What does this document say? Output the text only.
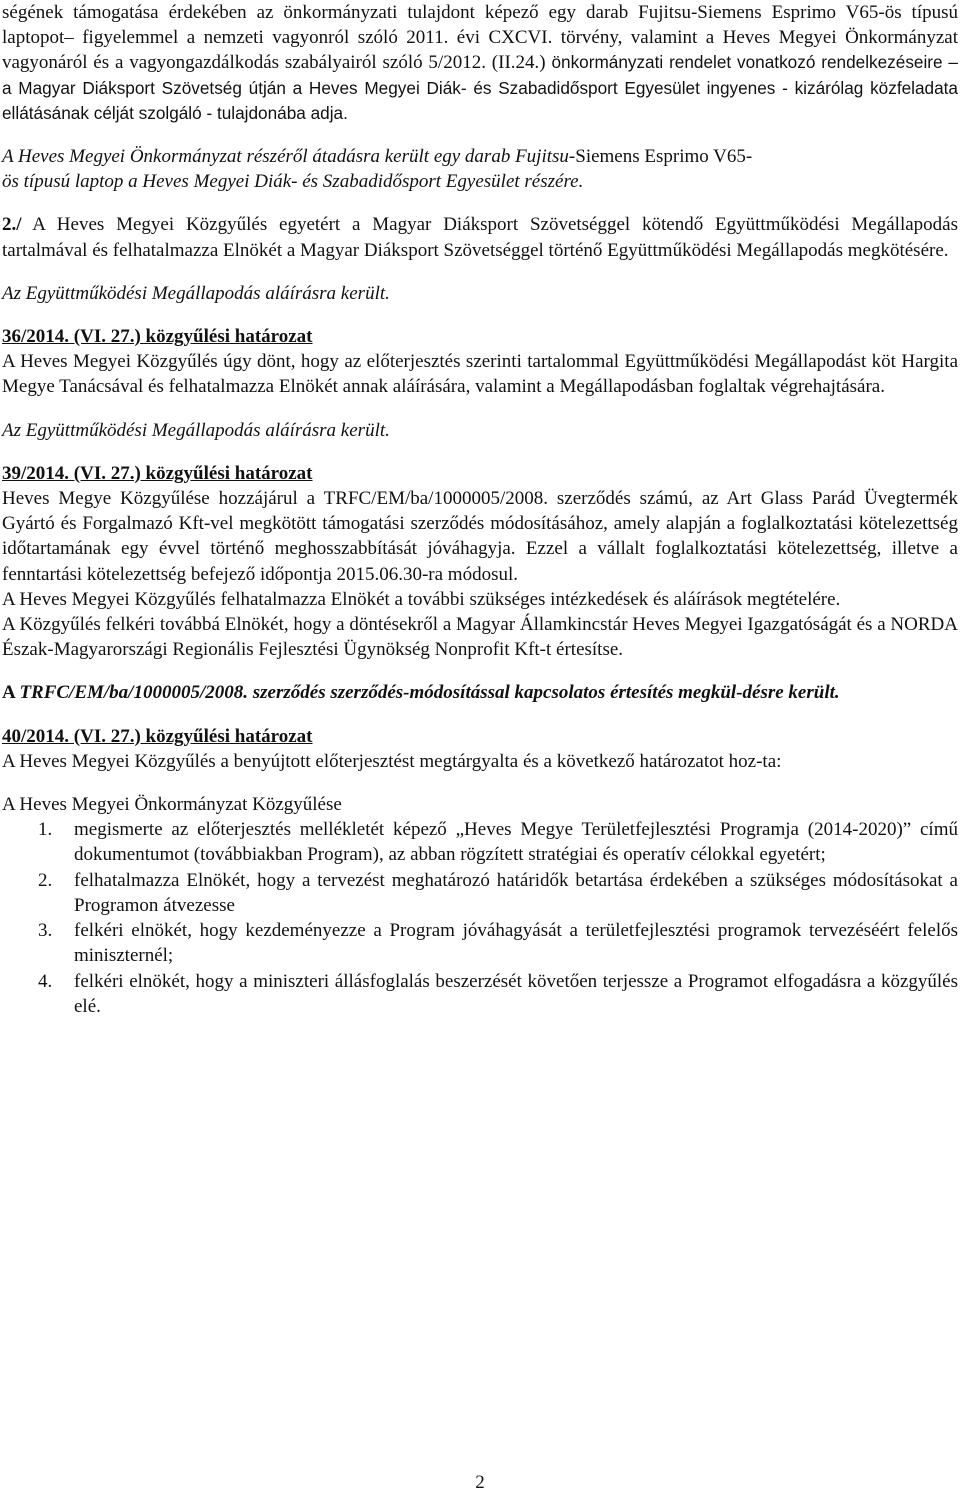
ségének támogatása érdekében az önkormányzati tulajdont képező egy darab Fujitsu-Siemens Esprimo V65-ös típusú laptopot– figyelemmel a nemzeti vagyonról szóló 2011. évi CXCVI. törvény, valamint a Heves Megyei Önkormányzat vagyonáról és a vagyongazdálkodás szabályairól szóló 5/2012. (II.24.) önkormányzati rendelet vonatkozó rendelkezéseire – a Magyar Diáksport Szövetség útján a Heves Megyei Diák- és Szabadidősport Egyesület ingyenes - kizárólag közfeladata ellátásának célját szolgáló - tulajdonába adja.

A Heves Megyei Önkormányzat részéről átadásra került egy darab Fujitsu-Siemens Esprimo V65-
ös típusú laptop a Heves Megyei Diák- és Szabadidősport Egyesület részére.

2./ A Heves Megyei Közgyűlés egyetért a Magyar Diáksport Szövetséggel kötendő Együttműködési Megállapodás tartalmával és felhatalmazza Elnökét a Magyar Diáksport Szövetséggel történő Együttműködési Megállapodás megkötésére.

Az Együttműködési Megállapodás aláírásra került.

36/2014. (VI. 27.) közgyűlési határozat

A Heves Megyei Közgyűlés úgy dönt, hogy az előterjesztés szerinti tartalommal Együttműködési Megállapodást köt Hargita Megye Tanácsával és felhatalmazza Elnökét annak aláírására, valamint a Megállapodásban foglaltak végrehajtására.

Az Együttműködési Megállapodás aláírásra került.

39/2014. (VI. 27.) közgyűlési határozat

Heves Megye Közgyűlése hozzájárul a TRFC/EM/ba/1000005/2008. szerződés számú, az Art Glass Parád Üvegtermék Gyártó és Forgalmazó Kft-vel megkötött támogatási szerződés módosításához, amely alapján a foglalkoztatási kötelezettség időtartamának egy évvel történő meghosszabbítását jóváhagyja. Ezzel a vállalt foglalkoztatási kötelezettség, illetve a fenntartási kötelezettség befejező időpontja 2015.06.30-ra módosul.

A Heves Megyei Közgyűlés felhatalmazza Elnökét a további szükséges intézkedések és aláírások megtételére.

A Közgyűlés felkéri továbbá Elnökét, hogy a döntésekről a Magyar Államkincstár Heves Megyei Igazgatóságát és a NORDA Észak-Magyarországi Regionális Fejlesztési Ügynökség Nonprofit Kft-t értesítse.

A TRFC/EM/ba/1000005/2008. szerződés szerződés-módosítással kapcsolatos értesítés megkül-désre került.

40/2014. (VI. 27.) közgyűlési határozat

A Heves Megyei Közgyűlés a benyújtott előterjesztést megtárgyalta és a következő határozatot hoz-ta:

A Heves Megyei Önkormányzat Közgyűlése

1. megismerte az előterjesztés mellékletét képező „Heves Megye Területfejlesztési Programja (2014-2020)” című dokumentumot (továbbiakban Program), az abban rögzített stratégiai és operatív célokkal egyetért;
2. felhatalmazza Elnökét, hogy a tervezést meghatározó határidők betartása érdekében a szükséges módosításokat a Programon átvezesse
3. felkéri elnökét, hogy kezdeményezze a Program jóváhagyását a területfejlesztési programok tervezéséért felelős miniszternél;
4. felkéri elnökét, hogy a miniszteri állásfoglalás beszerzését követően terjessze a Programot elfogadásra a közgyűlés elé.
2
